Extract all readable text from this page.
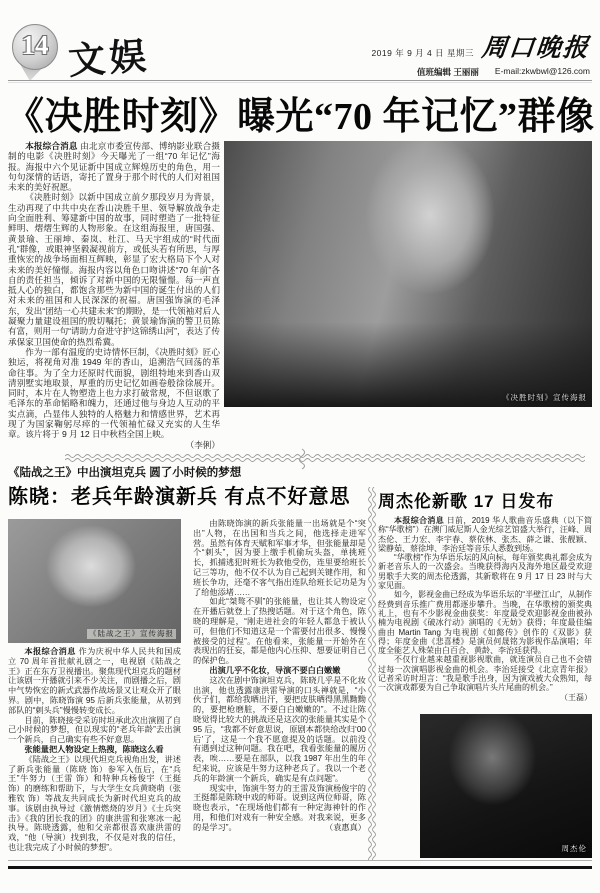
14 文娱	2019 年 9 月 4 日 星期三 周口晚报
值班编辑 王丽丽 E-mail:zkwbwl@126.com
《决胜时刻》曝光“70 年记忆”群像

本报综合消息 由北京市委宣传部、博纳影业联合摄制的电影《决胜时刻》今天曝光了一组“70 年记忆”海报。海报中六个见证新中国成立辉煌历史的角色，用一句句深情的话语，寄托了置身于那个时代的人们对祖国未来的美好祝愿。

《决胜时刻》以新中国成立前夕那段岁月为背景，生动再现了中共中央在香山决胜千里、领导解放战争走向全面胜利、筹建新中国的故事，同时塑造了一批特征鲜明、熠熠生辉的人物形象。在这组海报里，唐国强、黄景瑜、王丽坤、秦岚、杜江、马天宇组成的“时代面孔”群像，或眼神坚毅凝视前方，或低头若有所思，与厚重恢宏的战争场面相互辉映，彰显了宏大格局下个人对未来的美好憧憬。海报内容以角色口吻讲述“70 年前”各自的责任担当，倾诉了对新中国的无限憧憬。每一声直抵人心的独白，都饱含那些为新中国的诞生付出的人们对未来的祖国和人民深深的祝福。唐国强饰演的毛泽东，发出“团结一心共建未来”的期盼，是一代领袖对后人凝聚力量建设祖国的殷切嘱托；黄景瑜饰演的警卫员陈有富，则用一句“请助力奋进守护这锦绣山河”，表达了传承保家卫国使命的热烈希冀。

作为一部有温度的史诗情怀巨制，《决胜时刻》匠心独运，将视角对准 1949 年的香山，追溯浩气回荡的革命往事。为了全力还原时代面貌，剧组特地来到香山双清别墅实地取景，厚重的历史记忆如画卷般徐徐展开。同时，本片在人物塑造上也力求打破常规，不但讴歌了毛泽东的革命韬略和魄力，还通过他与身边人互动的平实点滴，凸显伟人独特的人格魅力和情感世界，艺术再现了为国家鞠躬尽瘁的一代领袖忙碌又充实的人生华章。该片将于 9 月 12 日中秋档全国上映。
（李俐）

《决胜时刻》宣传海报
《陆战之王》中出演坦克兵 圆了小时候的梦想
陈晓：老兵年龄演新兵 有点不好意思
《陆战之王》宣传海报

本报综合消息 作为庆祝中华人民共和国成立 70 周年首批献礼剧之一，电视剧《陆战之王》正在东方卫视播出。聚焦现代坦克兵的题材让该剧一开播就引来不少关注，而剧播之后，剧中气势恢宏的新式武器作战场景又让观众开了眼界。剧中，陈晓饰演 95 后新兵张能量，从初到部队的“刺头兵”慢慢转变成长。

目前，陈晓接受采访时坦承此次出演圆了自己小时候的梦想，但以现实的“老兵年龄”去出演一个新兵，自己确实有些不好意思。

张能量把人物设定上热搜，陈晓这么看

《陆战之王》以现代坦克兵视角出发，讲述了新兵张能量（陈晓 饰）参军入伍后，在“兵王”牛努力（王雷 饰）和特种兵杨俊宇（王挺 饰）的磨练和帮助下，与大学生女兵黄晓萌（张雅钦 饰）等战友共同成长为新时代坦克兵的故事。该剧由执导过《激情燃烧的岁月》《士兵突击》《我的团长我的团》的康洪雷和张寒冰一起执导。陈晓透露，他和父亲都很喜欢康洪雷的戏，“他（导演）找到我，不仅是对我的信任，也让我完成了小时候的梦想”。

由陈晓饰演的新兵张能量一出场就是个“突出”人物，在出国和当兵之间，他选择走进军营。虽然有体育天赋和军事才华，但张能量却是个“刺头”，因为要上缴手机偷玩头盔，单挑班长，抓捕逃犯时班长为救他受伤，连里要给班长记三等功，他不仅不认为自己起到关键作用，和班长争功，还毫不客气指出连队给班长记功是为了给他添堵……

如此“桀骜不驯”的张能量，也让其人物设定在开播后就登上了热搜话题。对于这个角色，陈晓的理解是，“刚走进社会的年轻人都急于被认可，但他们不知道这是一个需要付出很多、慢慢被接受的过程”。在他看来，张能量一开始外在表现出的狂妄，都是他内心压抑、想要证明自己的保护色。

出演几乎不化妆，导演不要白白嫩嫩

这次在剧中饰演坦克兵，陈晓几乎是不化妆出演，他也透露康洪雷导演的口头禅就是，“小伙子们，都给我晒出汗，要把皮肤晒得黑黑黝黝的，要把枪磨脏，不要白白嫩嫩的”。不过让陈晓觉得比较大的挑战还是这次的张能量其实是个 95 后，“我都不好意思说，原剧本都快给改归‘00 后’了，这是一个我不愿意提及的话题。以前没有遇到过这种问题。我在吧，我看张能量的履历表，唉……要是在部队，以我 1987 年出生的年纪来说，应该是牛努力这种老兵了。我以一个老兵的年龄演一个新兵，确实是有点问题”。

现实中，饰演牛努力的王雷及饰演杨俊宇的王挺都是陈晓中戏的师哥。说到这两位师哥，陈晓也表示，“在现场他们都有一种定海神针的作用，和他们对戏有一种安全感。对我来说，更多的是学习”。	（袁惠真）

周杰伦新歌 17 日发布

本报综合消息 日前，2019 华人歌曲音乐盛典（以下简称“华歌榜”）在澳门威尼斯人金光综艺馆盛大举行，汪峰、周杰伦、王力宏、李宇春、蔡依林、张杰、薛之谦、张靓颖、梁静茹、蔡徐坤、李治廷等音乐人悉数到场。

“华歌榜”作为华语乐坛的风向标，每年颁奖典礼都会成为新老音乐人的一次盛会。当晚获得海内及海外地区最受欢迎男歌手大奖的周杰伦透露，其新歌将在 9 月 17 日 23 时与大家见面。

如今，影视金曲已经成为华语乐坛的“半壁江山”，从制作经费到音乐推广费用都逐步攀升。当晚，在华歌榜的颁奖典礼上，也有不少影视金曲获奖：年度最受欢迎影视金曲被孙楠为电视剧《破冰行动》演唱的《无妨》获得；年度最佳编曲由 Martin Tang 为电视剧《如懿传》创作的《双影》获得；年度金曲《悲喜楼》是演员何晟铭为影视作品演唱；年度全能艺人殊荣由白百合、黄龄、李治廷获得。

不仅行业越来越重视影视歌曲，就连演员自己也不会错过每一次演唱影视金曲的机会。李治廷接受《北京青年报》记者采访时坦言：“我是歌手出身，因为演戏被大众熟知，每一次演戏都要为自己争取演唱片头片尾曲的机会。”
（王磊）

周杰伦
